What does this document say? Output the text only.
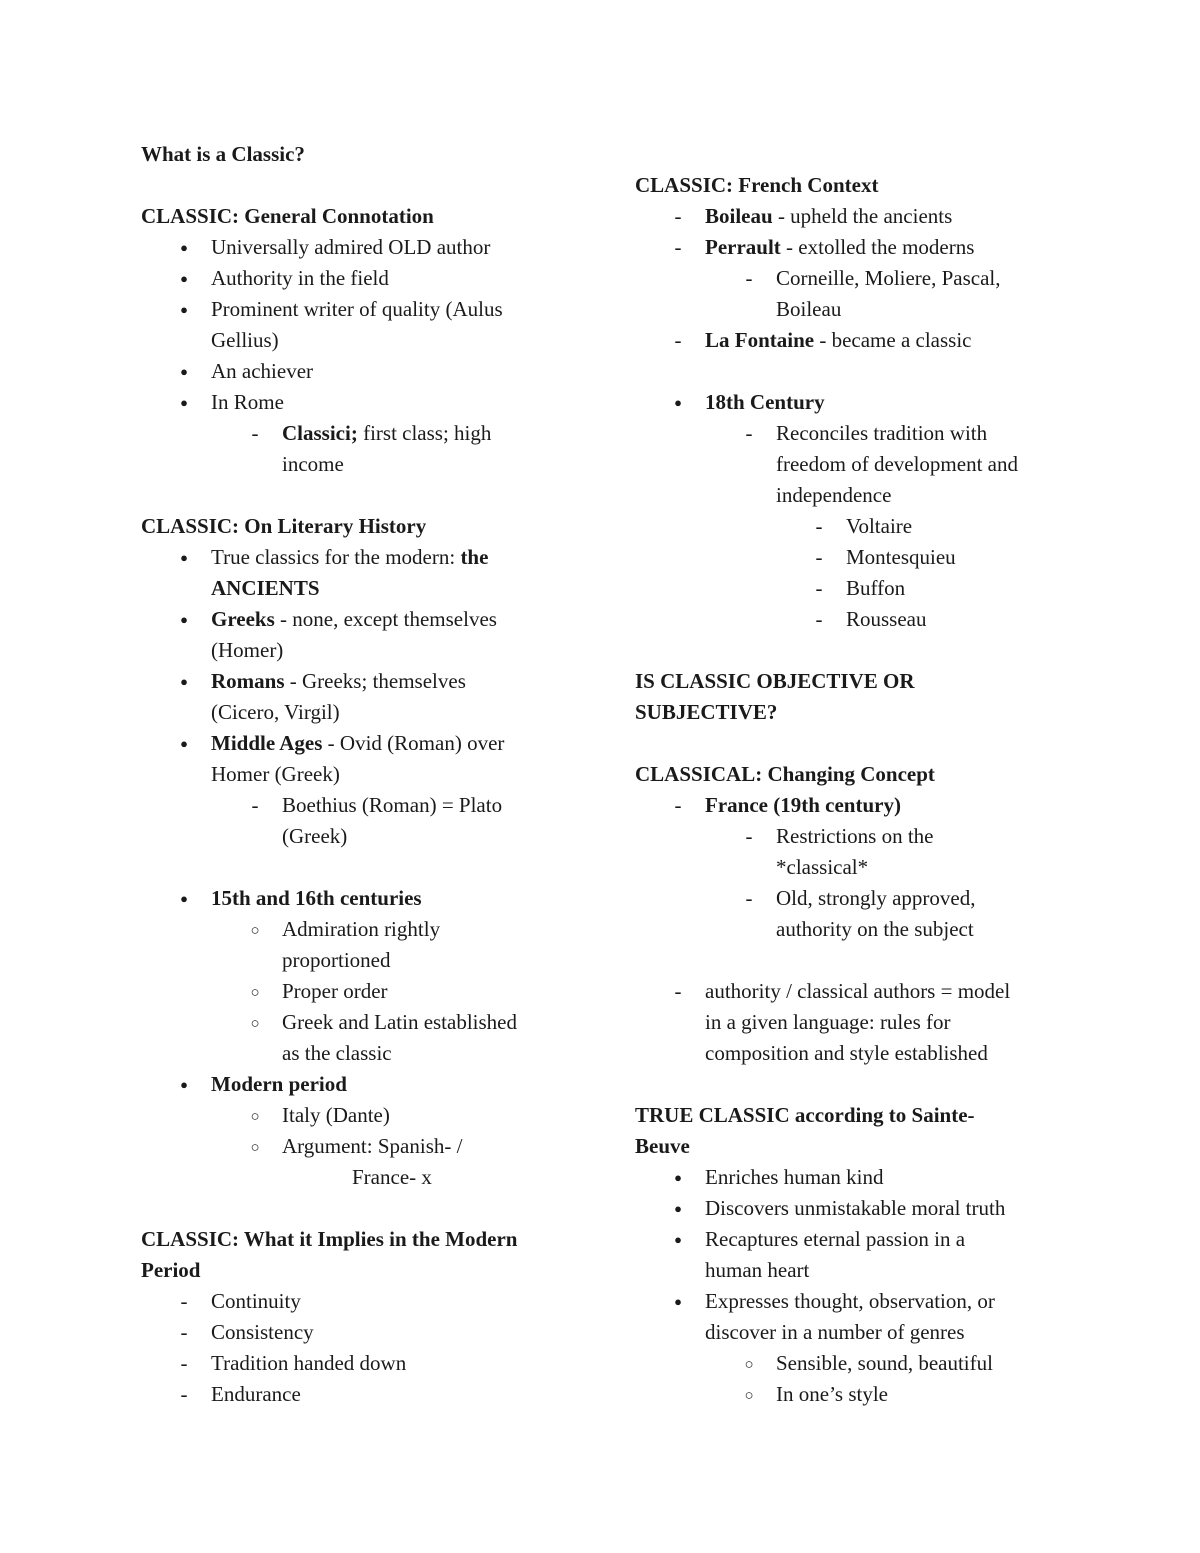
What is a Classic?
CLASSIC: General Connotation
●
Universally admired OLD author
●
Authority in the field
●
Prominent writer of quality (Aulus
Gellius)
●
An achiever
●
In Rome
-
Classici; first class; high
income
CLASSIC: On Literary History
●
True classics for the modern: the
ANCIENTS
●
Greeks - none, except themselves
(Homer)
●
Romans - Greeks; themselves
(Cicero, Virgil)
●
Middle Ages - Ovid (Roman) over
Homer (Greek)
-
Boethius (Roman) = Plato
(Greek)
●
15th and 16th centuries
○
Admiration rightly
proportioned
○
Proper order
○
Greek and Latin established
as the classic
●
Modern period
○
Italy (Dante)
○
Argument: Spanish- /
France- x
CLASSIC: What it Implies in the Modern
Period
-
Continuity
-
Consistency
-
Tradition handed down
-
Endurance
CLASSIC: French Context
-
Boileau - upheld the ancients
-
Perrault - extolled the moderns
-
Corneille, Moliere, Pascal,
Boileau
-
La Fontaine - became a classic
●
18th Century
-
Reconciles tradition with
freedom of development and
independence
-
Voltaire
-
Montesquieu
-
Buffon
-
Rousseau
IS CLASSIC OBJECTIVE OR
SUBJECTIVE?
CLASSICAL: Changing Concept
-
France (19th century)
-
Restrictions on the
*classical*
-
Old, strongly approved,
authority on the subject
-
authority / classical authors = model
in a given language: rules for
composition and style established
TRUE CLASSIC according to Sainte-
Beuve
●
Enriches human kind
●
Discovers unmistakable moral truth
●
Recaptures eternal passion in a
human heart
●
Expresses thought, observation, or
discover in a number of genres
○
Sensible, sound, beautiful
○
In one’s style
